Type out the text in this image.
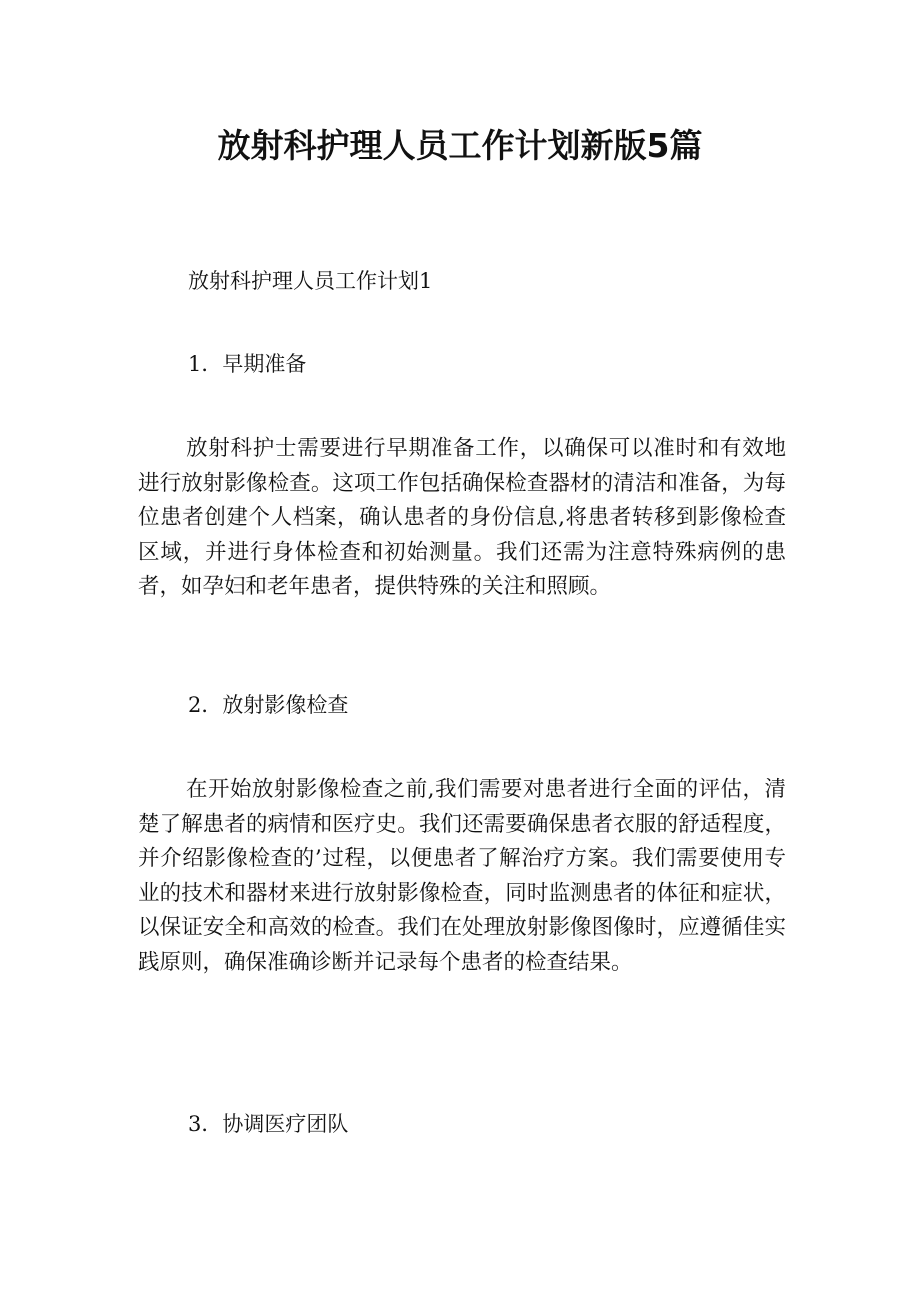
放射科护理人员工作计划新版5篇

放射科护理人员工作计划1

1．早期准备

放射科护士需要进行早期准备工作，以确保可以准时和有效地进行放射影像检查。这项工作包括确保检查器材的清洁和准备，为每位患者创建个人档案，确认患者的身份信息,将患者转移到影像检查区域，并进行身体检查和初始测量。我们还需为注意特殊病例的患者，如孕妇和老年患者，提供特殊的关注和照顾。

2．放射影像检查

在开始放射影像检查之前,我们需要对患者进行全面的评估，清楚了解患者的病情和医疗史。我们还需要确保患者衣服的舒适程度，并介绍影像检查的’过程，以便患者了解治疗方案。我们需要使用专业的技术和器材来进行放射影像检查，同时监测患者的体征和症状，以保证安全和高效的检查。我们在处理放射影像图像时，应遵循佳实践原则，确保准确诊断并记录每个患者的检查结果。

3．协调医疗团队
